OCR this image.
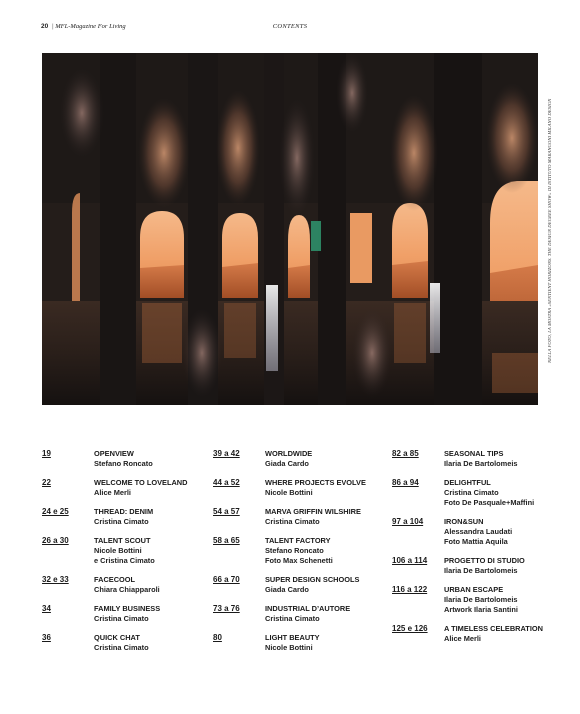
20 | MFL-Magazine For Living	CONTENTS
NELLA FOTO, LA MOSTRA «SENTIENT HORIZONS. THE DESIGN DEGREE SHOW» DI ISTITUTO MARANGONI MILANO DESIGN
19	OPENVIEW
Stefano Roncato
22	WELCOME TO LOVELAND
Alice Merli
24 e 25	THREAD: DENIM
Cristina Cimato
26 a 30	TALENT SCOUT
Nicole Bottini
e Cristina Cimato
32 e 33	FACECOOL
Chiara Chiapparoli
34	FAMILY BUSINESS
Cristina Cimato
36	QUICK CHAT
Cristina Cimato
39 a 42	WORLDWIDE
Giada Cardo
44 a 52	WHERE PROJECTS EVOLVE
Nicole Bottini
54 a 57	MARVA GRIFFIN WILSHIRE
Cristina Cimato
58 a 65	TALENT FACTORY
Stefano Roncato
Foto Max Schenetti
66 a 70	SUPER DESIGN SCHOOLS
Giada Cardo
73 a 76	INDUSTRIAL D’AUTORE
Cristina Cimato
80	LIGHT BEAUTY
Nicole Bottini
82 a 85	SEASONAL TIPS
Ilaria De Bartolomeis
86 a 94	DELIGHTFUL
Cristina Cimato
Foto De Pasquale+Maffini
97 a 104	IRON&SUN
Alessandra Laudati
Foto Mattia Aquila
106 a 114 PROGETTO DI STUDIO
Ilaria De Bartolomeis
116 a 122 URBAN ESCAPE
Ilaria De Bartolomeis
Artwork Ilaria Santini
125 e 126 A TIMELESS CELEBRATION
Alice Merli
